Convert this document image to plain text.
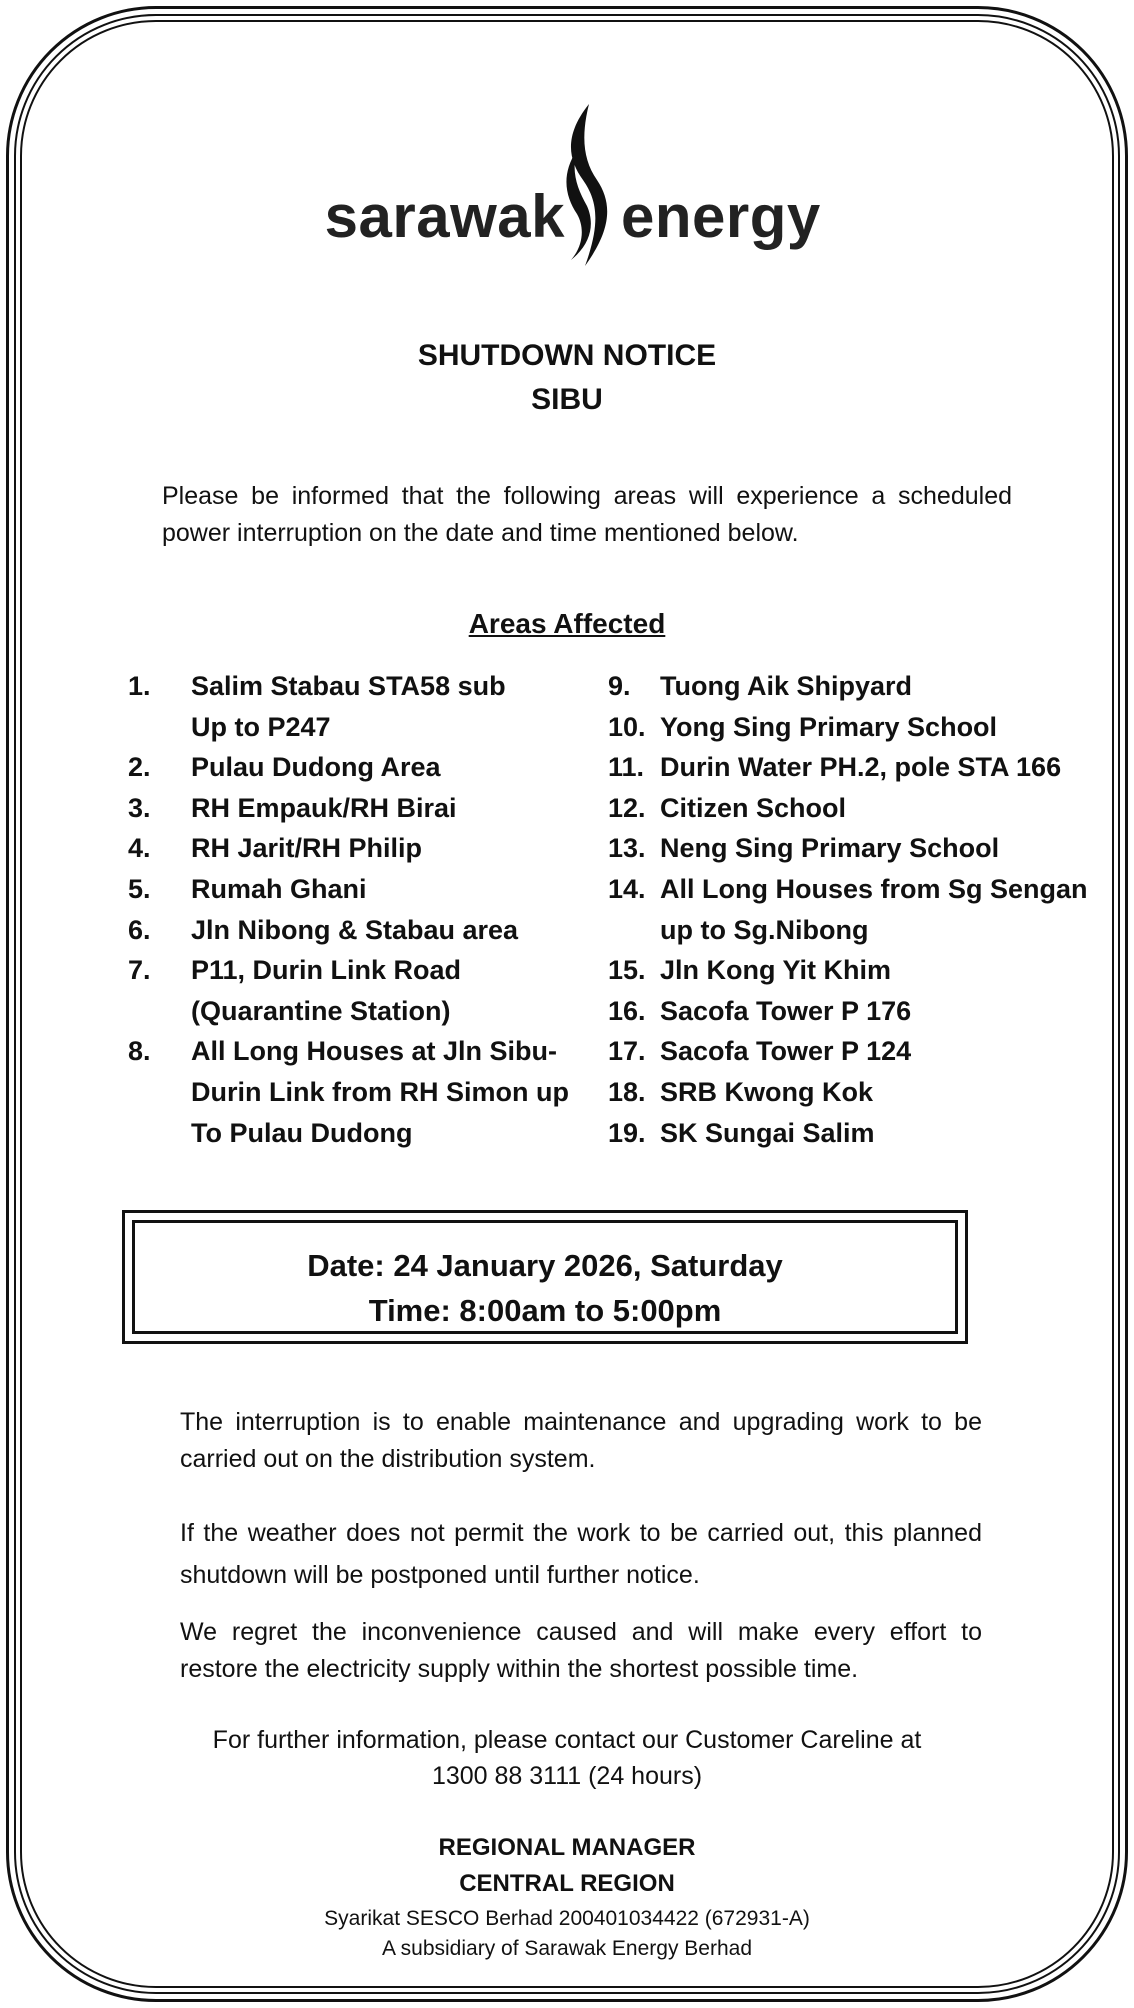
sarawak energy
SHUTDOWN NOTICE
SIBU
Please be informed that the following areas will experience a scheduled power interruption on the date and time mentioned below.
Areas Affected
1.	Salim Stabau STA58 sub
Up to P247
2.	Pulau Dudong Area
3.	RH Empauk/RH Birai
4.	RH Jarit/RH Philip
5.	Rumah Ghani
6.	Jln Nibong & Stabau area
7.	P11, Durin Link Road
(Quarantine Station)
8.	All Long Houses at Jln Sibu-
Durin Link from RH Simon up
To Pulau Dudong
9.	Tuong Aik Shipyard
10. Yong Sing Primary School
11. Durin Water PH.2, pole STA 166
12. Citizen School
13. Neng Sing Primary School
14. All Long Houses from Sg Sengan
up to Sg.Nibong
15. Jln Kong Yit Khim
16. Sacofa Tower P 176
17. Sacofa Tower P 124
18. SRB Kwong Kok
19. SK Sungai Salim
Date: 24 January 2026, Saturday
Time: 8:00am to 5:00pm
The interruption is to enable maintenance and upgrading work to be carried out on the distribution system.
If the weather does not permit the work to be carried out, this planned shutdown will be postponed until further notice.
We regret the inconvenience caused and will make every effort to restore the electricity supply within the shortest possible time.
For further information, please contact our Customer Careline at
1300 88 3111 (24 hours)
REGIONAL MANAGER
CENTRAL REGION
Syarikat SESCO Berhad 200401034422 (672931-A)
A subsidiary of Sarawak Energy Berhad
